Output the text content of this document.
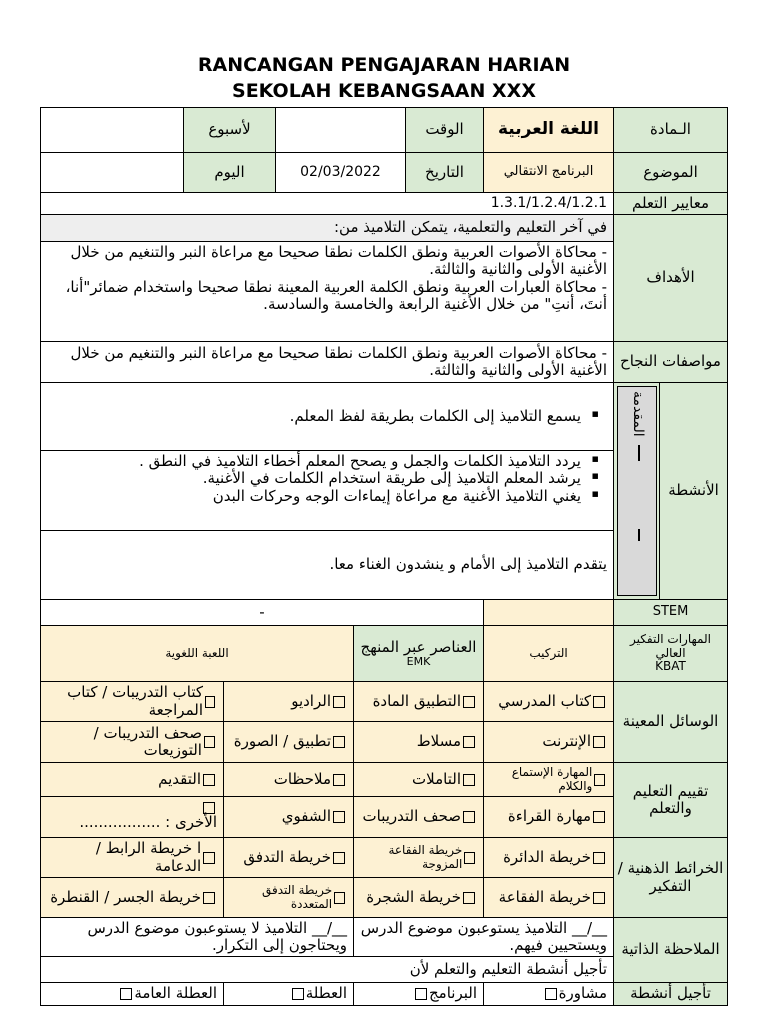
RANCANGAN PENGAJARAN HARIAN
SEKOLAH KEBANGSAAN XXX
الـمادة
اللغة العربية
الوقت
لأسبوع
الموضوع
البرنامج الانتقالي
التاريخ
02/03/2022
اليوم
معايير التعلم
1.3.1/1.2.4/1.2.1
الأهداف
في آخر التعليم والتعلمية، يتمكن التلاميذ من:
- محاكاة الأصوات العربية ونطق الكلمات نطقا صحيحا مع مراعاة النبر والتنغيم من خلال الأغنية الأولى والثانية والثالثة.
- محاكاة العبارات العربية ونطق الكلمة العربية المعينة نطقا صحيحا واستخدام ضمائر"أنا، أنتَ، أنتِ" من خلال الأغنية الرابعة والخامسة والسادسة.
مواصفات النجاح
- محاكاة الأصوات العربية ونطق الكلمات نطقا صحيحا مع مراعاة النبر والتنغيم من خلال الأغنية الأولى والثانية والثالثة.
الأنشطة
المقدمة
▪ يسمع التلاميذ إلى الكلمات بطريقة لفظ المعلم.
▪ يردد التلاميذ الكلمات والجمل و يصحح المعلم أخطاء التلاميذ في النطق .
▪ يرشد المعلم التلاميذ إلى طريقة استخدام الكلمات في الأغنية.
▪ يغني التلاميذ الأغنية مع مراعاة إيماءات الوجه وحركات البدن
يتقدم التلاميذ إلى الأمام و ينشدون الغناء معا.
STEM
-
المهارات التفكير العالي
KBAT
التركيب
العناصر عبر المنهج
EMK
اللعبة اللغوية
الوسائل المعينة
كتاب المدرسي
التطبيق المادة
الراديو
كتاب التدريبات / كتاب المراجعة
الإنترنت
مسلاط
تطبيق / الصورة
صحف التدريبات / التوزيعات
تقييم التعليم والتعلم
المهارة الإستماع والكلام
التاملات
ملاحظات
التقديم
مهارة القراءة
صحف التدريبات
الشفوي
الأخرى : .................
الخرائط الذهنية / التفكير
خريطة الدائرة
خريطة الفقاعة المزوجة
خريطة التدفق
ا خريطة الرابط / الدعامة
خريطة الفقاعة
خريطة الشجرة
خريطة التدفق المتعددة
خريطة الجسر / القنطرة
الملاحظة الذاتية
__/__ التلاميذ يستوعبون موضوع الدرس ويستحيين فيهم.
__/__ التلاميذ لا يستوعبون موضوع الدرس ويحتاجون إلى التكرار.
تأجيل أنشطة التعليم والتعلم لأن
تأجيل أنشطة
مشاورة
البرنامج
العطلة
العطلة العامة
